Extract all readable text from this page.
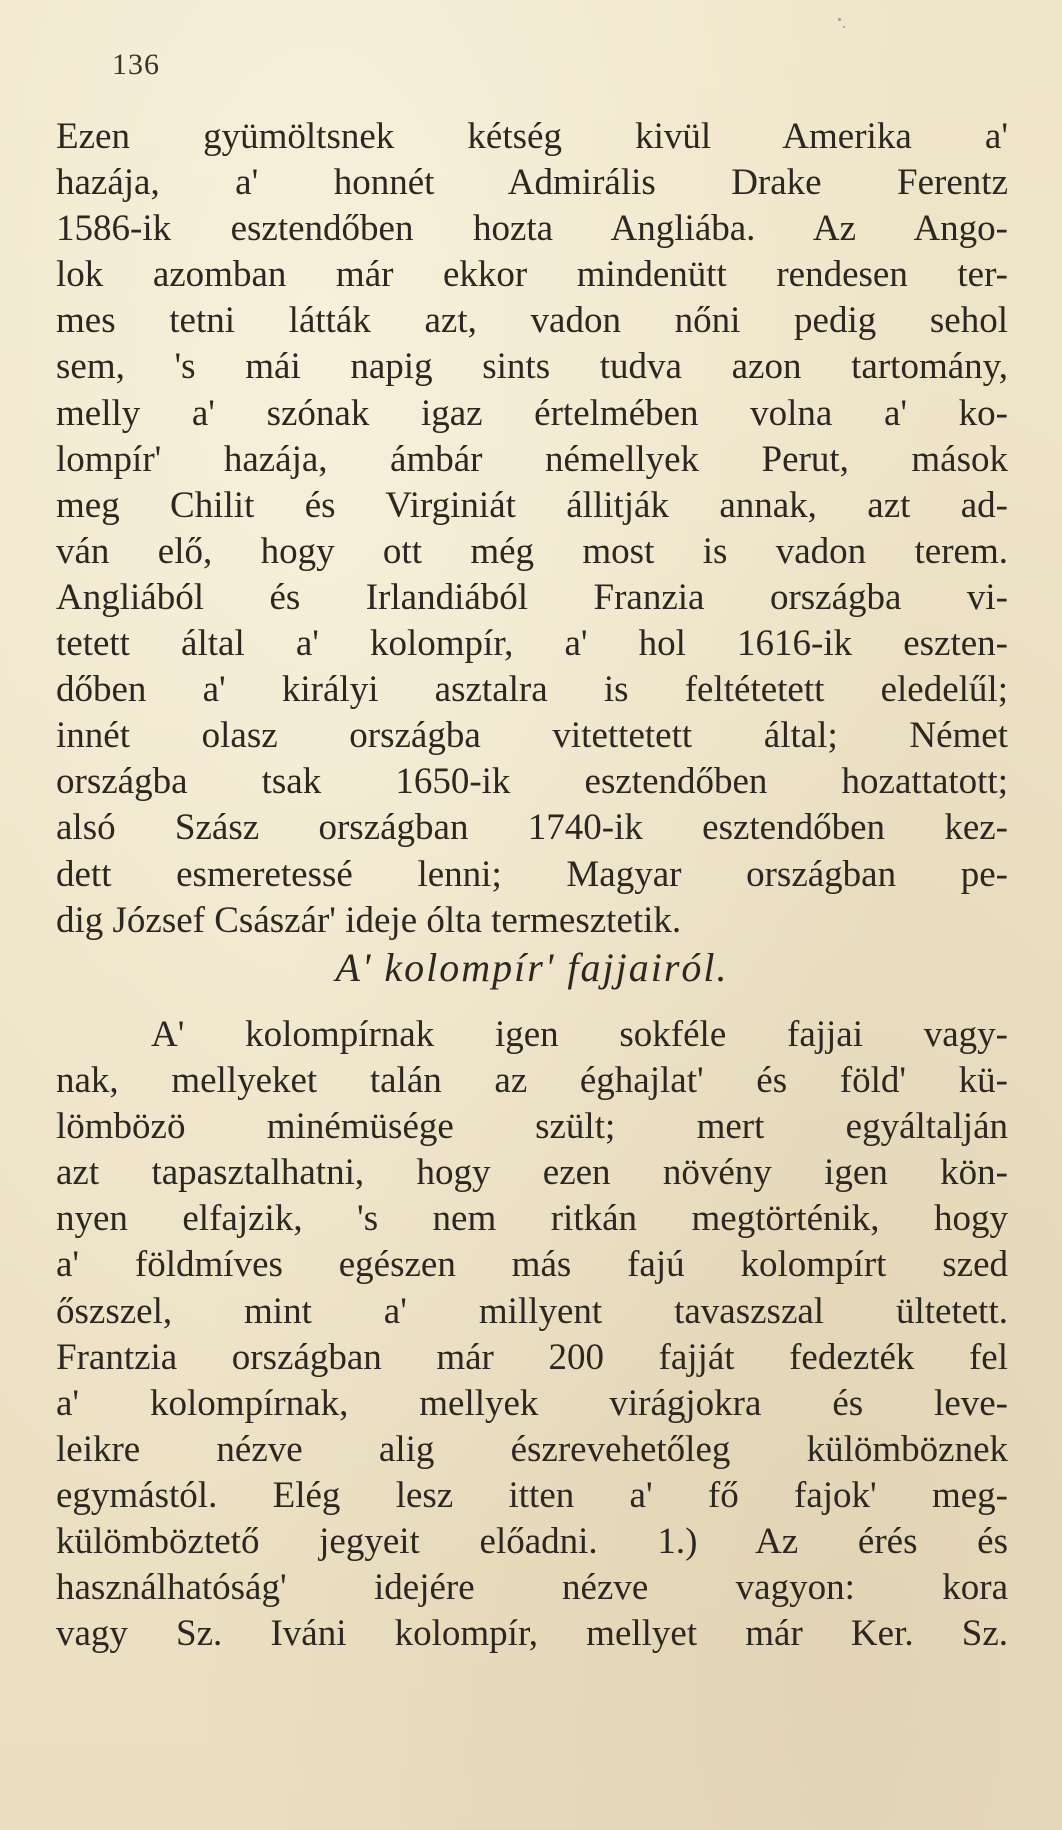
136
Ezen gyümöltsnek kétség kivül Amerika a'
hazája, a' honnét Admirális Drake Ferentz
1586-ik esztendőben hozta Angliába. Az Ango-
lok azomban már ekkor mindenütt rendesen ter-
mes tetni látták azt, vadon nőni pedig sehol
sem, 's mái napig sints tudva azon tartomány,
melly a' szónak igaz értelmében volna a' ko-
lompír' hazája, ámbár némellyek Perut, mások
meg Chilit és Virginiát állitják annak, azt ad-
ván elő, hogy ott még most is vadon terem.
Angliából és Irlandiából Franzia országba vi-
tetett által a' kolompír, a' hol 1616-ik eszten-
dőben a' királyi asztalra is feltétetett eledelűl;
innét olasz országba vitettetett által; Német
országba tsak 1650-ik esztendőben hozattatott;
alsó Szász országban 1740-ik esztendőben kez-
dett esmeretessé lenni; Magyar országban pe-
dig József Császár' ideje ólta termesztetik.
A' kolompír' fajjairól.
A' kolompírnak igen sokféle fajjai vagy-
nak, mellyeket talán az éghajlat' és föld' kü-
lömbözö minémüsége szült; mert egyáltalján
azt tapasztalhatni, hogy ezen növény igen kön-
nyen elfajzik, 's nem ritkán megtörténik, hogy
a' földmíves egészen más fajú kolompírt szed
őszszel, mint a' millyent tavaszszal ültetett.
Frantzia országban már 200 fajját fedezték fel
a' kolompírnak, mellyek virágjokra és leve-
leikre nézve alig észrevehetőleg külömböznek
egymástól. Elég lesz itten a' fő fajok' meg-
külömböztető jegyeit előadni. 1.) Az érés és
használhatóság' idejére nézve vagyon: kora
vagy Sz. Iváni kolompír, mellyet már Ker. Sz.
